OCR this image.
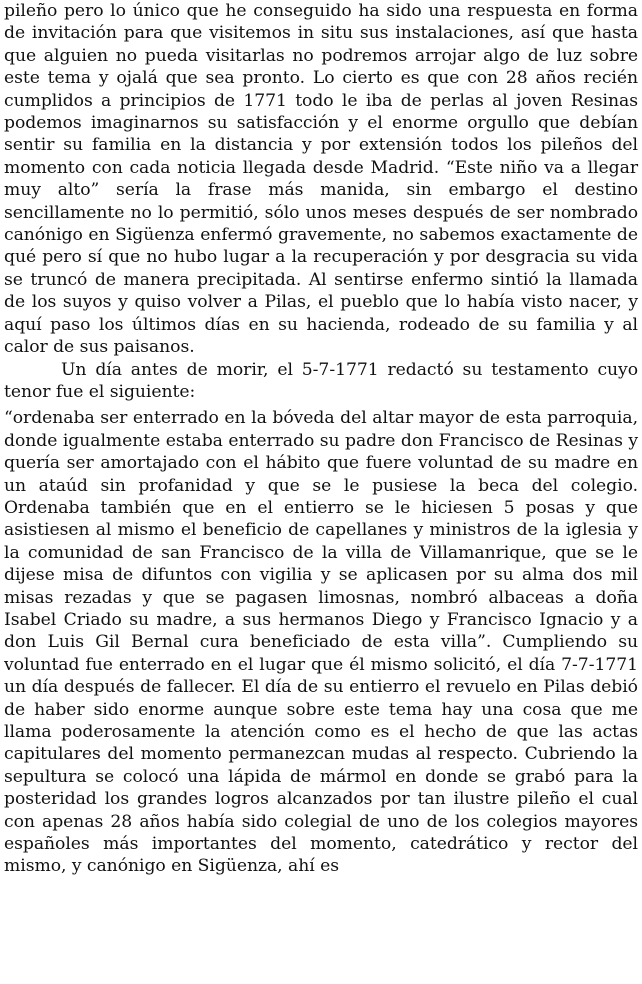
pileño pero lo único que he conseguido ha sido una respuesta en forma de invitación para que visitemos in situ sus instalaciones, así que hasta que alguien no pueda visitarlas no podremos arrojar algo de luz sobre este tema y ojalá que sea pronto. Lo cierto es que con 28 años recién cumplidos a principios de 1771 todo le iba de perlas al joven Resinas podemos imaginarnos su satisfacción y el enorme orgullo que debían sentir su familia en la distancia y por extensión todos los pileños del momento con cada noticia llegada desde Madrid. “Este niño va a llegar muy alto” sería la frase más manida, sin embargo el destino sencillamente no lo permitió, sólo unos meses después de ser nombrado canónigo en Sigüenza enfermó gravemente, no sabemos exactamente de qué pero sí que no hubo lugar a la recuperación y por desgracia su vida se truncó de manera precipitada. Al sentirse enfermo sintió la llamada de los suyos y quiso volver a Pilas, el pueblo que lo había visto nacer, y aquí paso los últimos días en su hacienda, rodeado de su familia y al calor de sus paisanos.

Un día antes de morir, el 5-7-1771 redactó su testamento cuyo tenor fue el siguiente:

“ordenaba ser enterrado en la bóveda del altar mayor de esta parroquia, donde igualmente estaba enterrado su padre don Francisco de Resinas y quería ser amortajado con el hábito que fuere voluntad de su madre en un ataúd sin profanidad y que se le pusiese la beca del colegio. Ordenaba también que en el entierro se le hiciesen 5 posas y que asistiesen al mismo el beneficio de capellanes y ministros de la iglesia y la comunidad de san Francisco de la villa de Villamanrique, que se le dijese misa de difuntos con vigilia y se aplicasen por su alma dos mil misas rezadas y que se pagasen limosnas, nombró albaceas a doña Isabel Criado su madre, a sus hermanos Diego y Francisco Ignacio y a don Luis Gil Bernal cura beneficiado de esta villa”. Cumpliendo su voluntad fue enterrado en el lugar que él mismo solicitó, el día 7-7-1771 un día después de fallecer. El día de su entierro el revuelo en Pilas debió de haber sido enorme aunque sobre este tema hay una cosa que me llama poderosamente la atención como es el hecho de que las actas capitulares del momento permanezcan mudas al respecto. Cubriendo la sepultura se colocó una lápida de mármol en donde se grabó para la posteridad los grandes logros alcanzados por tan ilustre pileño el cual con apenas 28 años había sido colegial de uno de los colegios mayores españoles más importantes del momento, catedrático y rector del mismo, y canónigo en Sigüenza, ahí es
